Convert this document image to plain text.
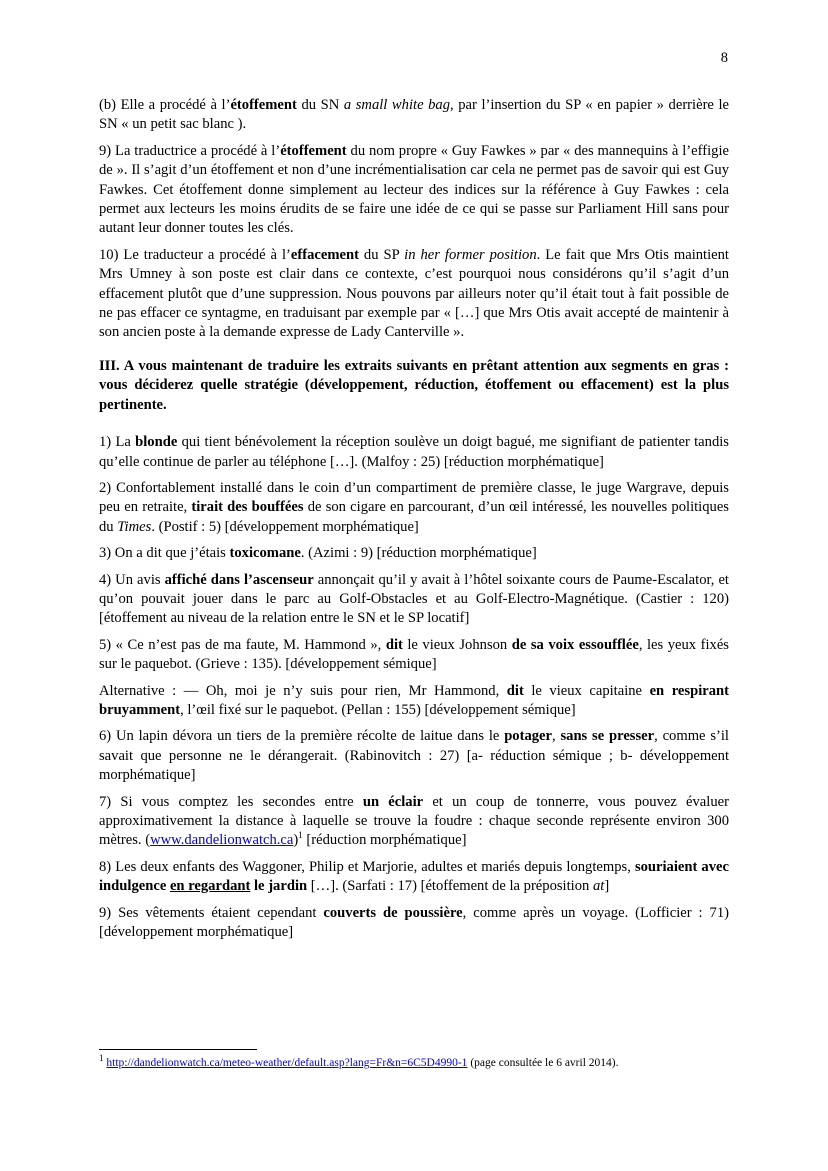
8

(b) Elle a procédé à l’étoffement du SN a small white bag, par l’insertion du SP « en papier » derrière le SN « un petit sac blanc ).

9) La traductrice a procédé à l’étoffement du nom propre « Guy Fawkes » par « des mannequins à l’effigie de ». Il s’agit d’un étoffement et non d’une incrémentialisation car cela ne permet pas de savoir qui est Guy Fawkes. Cet étoffement donne simplement au lecteur des indices sur la référence à Guy Fawkes : cela permet aux lecteurs les moins érudits de se faire une idée de ce qui se passe sur Parliament Hill sans pour autant leur donner toutes les clés.

10) Le traducteur a procédé à l’effacement du SP in her former position. Le fait que Mrs Otis maintient Mrs Umney à son poste est clair dans ce contexte, c’est pourquoi nous considérons qu’il s’agit d’un effacement plutôt que d’une suppression. Nous pouvons par ailleurs noter qu’il était tout à fait possible de ne pas effacer ce syntagme, en traduisant par exemple par « […] que Mrs Otis avait accepté de maintenir à son ancien poste à la demande expresse de Lady Canterville ».

III. A vous maintenant de traduire les extraits suivants en prêtant attention aux segments en gras : vous déciderez quelle stratégie (développement, réduction, étoffement ou effacement) est la plus pertinente.

1) La blonde qui tient bénévolement la réception soulève un doigt bagué, me signifiant de patienter tandis qu’elle continue de parler au téléphone […]. (Malfoy : 25) [réduction morphématique]

2) Confortablement installé dans le coin d’un compartiment de première classe, le juge Wargrave, depuis peu en retraite, tirait des bouffées de son cigare en parcourant, d’un œil intéressé, les nouvelles politiques du Times. (Postif : 5) [développement morphématique]

3) On a dit que j’étais toxicomane. (Azimi : 9) [réduction morphématique]

4) Un avis affiché dans l’ascenseur annonçait qu’il y avait à l’hôtel soixante cours de Paume-Escalator, et qu’on pouvait jouer dans le parc au Golf-Obstacles et au Golf-Electro-Magnétique. (Castier : 120) [étoffement au niveau de la relation entre le SN et le SP locatif]

5) « Ce n’est pas de ma faute, M. Hammond », dit le vieux Johnson de sa voix essoufflée, les yeux fixés sur le paquebot. (Grieve : 135). [développement sémique]

Alternative : — Oh, moi je n’y suis pour rien, Mr Hammond, dit le vieux capitaine en respirant bruyamment, l’œil fixé sur le paquebot. (Pellan : 155) [développement sémique]

6) Un lapin dévora un tiers de la première récolte de laitue dans le potager, sans se presser, comme s’il savait que personne ne le dérangerait. (Rabinovitch : 27) [a- réduction sémique ; b- développement morphématique]

7) Si vous comptez les secondes entre un éclair et un coup de tonnerre, vous pouvez évaluer approximativement la distance à laquelle se trouve la foudre : chaque seconde représente environ 300 mètres. (www.dandelionwatch.ca)$^1$ [réduction morphématique]

8) Les deux enfants des Waggoner, Philip et Marjorie, adultes et mariés depuis longtemps, souriaient avec indulgence en regardant le jardin […]. (Sarfati : 17) [étoffement de la préposition at]

9) Ses vêtements étaient cependant couverts de poussière, comme après un voyage. (Lofficier : 71) [développement morphématique]

$^1$ http://dandelionwatch.ca/meteo-weather/default.asp?lang=Fr&n=6C5D4990-1 (page consultée le 6 avril 2014).
